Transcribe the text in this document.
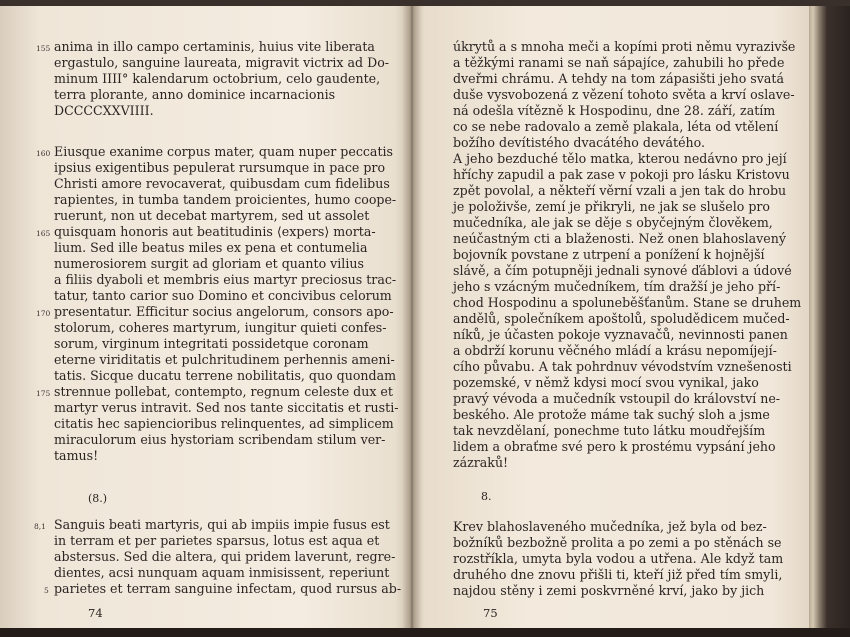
155 anima in illo campo certaminis, huius vite liberata
ergastulo, sanguine laureata, migravit victrix ad Do-
minum IIII° kalendarum octobrium, celo gaudente,
terra plorante, anno dominice incarnacionis
DCCCCXXVIIII.
160 Eiusque exanime corpus mater, quam nuper peccatis
ipsius exigentibus pepulerat rursumque in pace pro
Christi amore revocaverat, quibusdam cum fidelibus
rapientes, in tumba tandem proicientes, humo coope-
ruerunt, non ut decebat martyrem, sed ut assolet
165 quisquam honoris aut beatitudinis ⟨expers⟩ morta-
lium. Sed ille beatus miles ex pena et contumelia
numerosiorem surgit ad gloriam et quanto vilius
a filiis dyaboli et membris eius martyr preciosus trac-
tatur, tanto carior suo Domino et concivibus celorum
170 presentatur. Efficitur socius angelorum, consors apo-
stolorum, coheres martyrum, iungitur quieti confes-
sorum, virginum integritati possidetque coronam
eterne viriditatis et pulchritudinem perhennis ameni-
tatis. Sicque ducatu terrene nobilitatis, quo quondam
175 strennue pollebat, contempto, regnum celeste dux et
martyr verus intravit. Sed nos tante siccitatis et rusti-
citatis hec sapiencioribus relinquentes, ad simplicem
miraculorum eius hystoriam scribendam stilum ver-
tamus!
(8.)
8,1 Sanguis beati martyris, qui ab impiis impie fusus est
in terram et per parietes sparsus, lotus est aqua et
abstersus. Sed die altera, qui pridem laverunt, regre-
dientes, acsi nunquam aquam inmisissent, reperiunt
5 parietes et terram sanguine infectam, quod rursus ab-
74
úkrytů a s mnoha meči a kopími proti němu vyrazivše
a těžkými ranami se naň sápajíce, zahubili ho přede
dveřmi chrámu. A tehdy na tom zápasišti jeho svatá
duše vysvobozená z vězení tohoto světa a krví oslave-
ná odešla vítězně k Hospodinu, dne 28. září, zatím
co se nebe radovalo a země plakala, léta od vtělení
božího devítistého dvacátého devátého.
A jeho bezduché tělo matka, kterou nedávno pro její
hříchy zapudil a pak zase v pokoji pro lásku Kristovu
zpět povolal, a někteří věrní vzali a jen tak do hrobu
je položivše, zemí je přikryli, ne jak se slušelo pro
mučedníka, ale jak se děje s obyčejným člověkem,
neúčastným cti a blaženosti. Než onen blahoslavený
bojovník povstane z utrpení a ponížení k hojnější
slávě, a čím potupněji jednali synové ďáblovi a údové
jeho s vzácným mučedníkem, tím dražší je jeho pří-
chod Hospodinu a spoluneběšťanům. Stane se druhem
andělů, společníkem apoštolů, spoludědicem mučed-
níků, je účasten pokoje vyznavačů, nevinnosti panen
a obdrží korunu věčného mládí a krásu nepomíjejí-
cího půvabu. A tak pohrdnuv vévodstvím vznešenosti
pozemské, v němž kdysi mocí svou vynikal, jako
pravý vévoda a mučedník vstoupil do království ne-
beského. Ale protože máme tak suchý sloh a jsme
tak nevzdělaní, ponechme tuto látku moudřejším
lidem a obraťme své pero k prostému vypsání jeho
zázraků!
8.
Krev blahoslaveného mučedníka, jež byla od bez-
božníků bezbožně prolita a po zemi a po stěnách se
rozstříkla, umyta byla vodou a utřena. Ale když tam
druhého dne znovu přišli ti, kteří již před tím smyli,
najdou stěny i zemi poskvrněné krví, jako by jich
75
